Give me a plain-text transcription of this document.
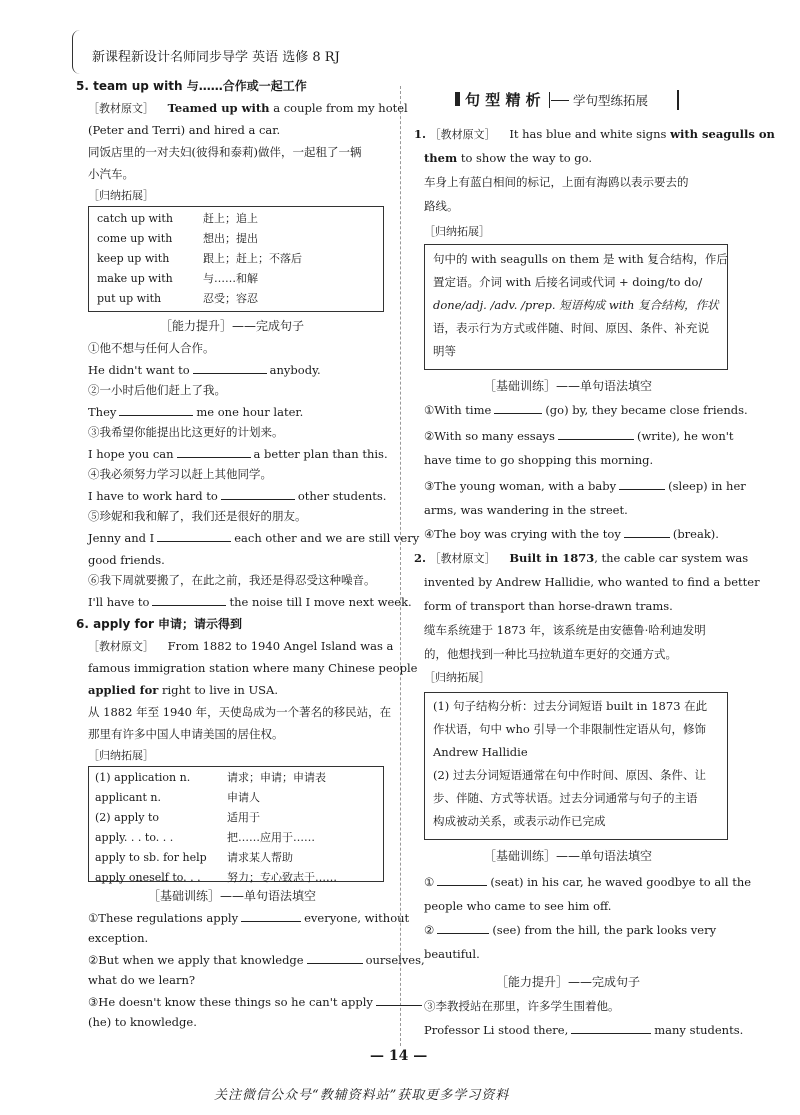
新课程新设计名师同步导学 英语 选修 8 RJ
5. team up with 与……合作或一起工作
［教材原文］ Teamed up with a couple from my hotel
(Peter and Terri) and hired a car.
同饭店里的一对夫妇(彼得和泰莉)做伴，一起租了一辆
小汽车。
［归纳拓展］
catch up with	赶上；追上
come up with	想出；提出
keep up with	跟上；赶上；不落后
make up with	与……和解
put up with	忍受；容忍
［能力提升］——完成句子
①他不想与任何人合作。
He didn't want to	anybody.
②一小时后他们赶上了我。
They	me one hour later.
③我希望你能提出比这更好的计划来。
I hope you can	a better plan than this.
④我必须努力学习以赶上其他同学。
I have to work hard to	other students.
⑤珍妮和我和解了，我们还是很好的朋友。
Jenny and I	each other and we are still very
good friends.
⑥我下周就要搬了，在此之前，我还是得忍受这种噪音。
I'll have to	the noise till I move next week.
6. apply for 申请；请示得到
［教材原文］ From 1882 to 1940 Angel Island was a
famous immigration station where many Chinese people
applied for right to live in USA.
从 1882 年至 1940 年，天使岛成为一个著名的移民站，在
那里有许多中国人申请美国的居住权。
［归纳拓展］
(1) application n.	请求；申请；申请表
applicant n.	申请人
(2) apply to	适用于
apply. . . to. . .	把……应用于……
apply to sb. for help	请求某人帮助
apply oneself to. . .	努力；专心致志于……
［基础训练］——单句语法填空
①These regulations apply	everyone, without
exception.
②But when we apply that knowledge	ourselves,
what do we learn?
③He doesn't know these things so he can't apply
(he) to knowledge.
句 型 精 析	学句型练拓展
1. ［教材原文］ It has blue and white signs with seagulls on
them to show the way to go.
车身上有蓝白相间的标记，上面有海鸥以表示要去的
路线。
［归纳拓展］
句中的 with seagulls on them 是 with 复合结构，作后
置定语。介词 with 后接名词或代词 + doing/to do/
done/adj. /adv. /prep. 短语构成 with 复合结构，作状
语，表示行为方式或伴随、时间、原因、条件、补充说
明等
［基础训练］——单句语法填空
①With time	(go) by, they became close friends.
②With so many essays	(write), he won't
have time to go shopping this morning.
③The young woman, with a baby	(sleep) in her
arms, was wandering in the street.
④The boy was crying with the toy	(break).
2. ［教材原文］ Built in 1873, the cable car system was
invented by Andrew Hallidie, who wanted to find a better
form of transport than horse-drawn trams.
缆车系统建于 1873 年，该系统是由安德鲁·哈利迪发明
的，他想找到一种比马拉轨道车更好的交通方式。
［归纳拓展］
(1) 句子结构分析：过去分词短语 built in 1873 在此
作状语，句中 who 引导一个非限制性定语从句，修饰
Andrew Hallidie
(2) 过去分词短语通常在句中作时间、原因、条件、让
步、伴随、方式等状语。过去分词通常与句子的主语
构成被动关系，或表示动作已完成
［基础训练］——单句语法填空
①	(seat) in his car, he waved goodbye to all the
people who came to see him off.
②	(see) from the hill, the park looks very
beautiful.
［能力提升］——完成句子
③李教授站在那里，许多学生围着他。
Professor Li stood there,	many students.
— 14 —
关注微信公众号“教辅资料站”获取更多学习资料
